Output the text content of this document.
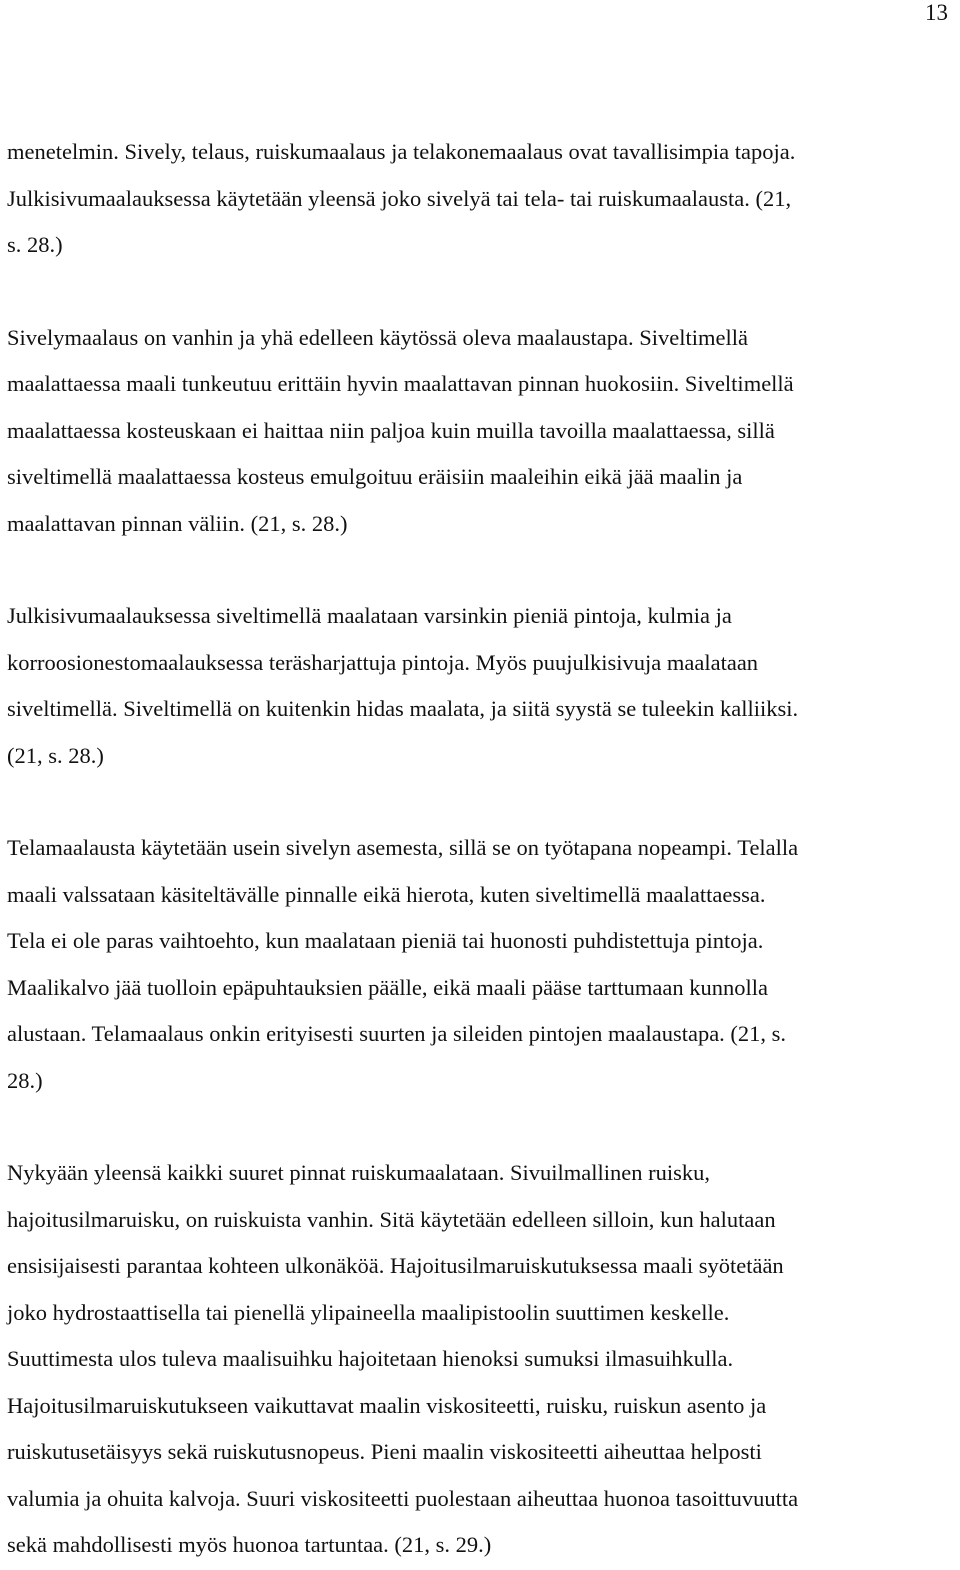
13

menetelmin. Sively, telaus, ruiskumaalaus ja telakonemaalaus ovat tavallisimpia tapoja.
Julkisivumaalauksessa käytetään yleensä joko sivelyä tai tela- tai ruiskumaalausta. (21,
s. 28.)

Sivelymaalaus on vanhin ja yhä edelleen käytössä oleva maalaustapa. Siveltimellä
maalattaessa maali tunkeutuu erittäin hyvin maalattavan pinnan huokosiin. Siveltimellä
maalattaessa kosteuskaan ei haittaa niin paljoa kuin muilla tavoilla maalattaessa, sillä
siveltimellä maalattaessa kosteus emulgoituu eräisiin maaleihin eikä jää maalin ja
maalattavan pinnan väliin. (21, s. 28.)

Julkisivumaalauksessa siveltimellä maalataan varsinkin pieniä pintoja, kulmia ja
korroosionestomaalauksessa teräsharjattuja pintoja. Myös puujulkisivuja maalataan
siveltimellä. Siveltimellä on kuitenkin hidas maalata, ja siitä syystä se tuleekin kalliiksi.
(21, s. 28.)

Telamaalausta käytetään usein sivelyn asemesta, sillä se on työtapana nopeampi. Telalla
maali valssataan käsiteltävälle pinnalle eikä hierota, kuten siveltimellä maalattaessa.
Tela ei ole paras vaihtoehto, kun maalataan pieniä tai huonosti puhdistettuja pintoja.
Maalikalvo jää tuolloin epäpuhtauksien päälle, eikä maali pääse tarttumaan kunnolla
alustaan. Telamaalaus onkin erityisesti suurten ja sileiden pintojen maalaustapa. (21, s.
28.)

Nykyään yleensä kaikki suuret pinnat ruiskumaalataan. Sivuilmallinen ruisku,
hajoitusilmaruisku, on ruiskuista vanhin. Sitä käytetään edelleen silloin, kun halutaan
ensisijaisesti parantaa kohteen ulkonäköä. Hajoitusilmaruiskutuksessa maali syötetään
joko hydrostaattisella tai pienellä ylipaineella maalipistoolin suuttimen keskelle.
Suuttimesta ulos tuleva maalisuihku hajoitetaan hienoksi sumuksi ilmasuihkulla.
Hajoitusilmaruiskutukseen vaikuttavat maalin viskositeetti, ruisku, ruiskun asento ja
ruiskutusetäisyys sekä ruiskutusnopeus. Pieni maalin viskositeetti aiheuttaa helposti
valumia ja ohuita kalvoja. Suuri viskositeetti puolestaan aiheuttaa huonoa tasoittuvuutta
sekä mahdollisesti myös huonoa tartuntaa. (21, s. 29.)
